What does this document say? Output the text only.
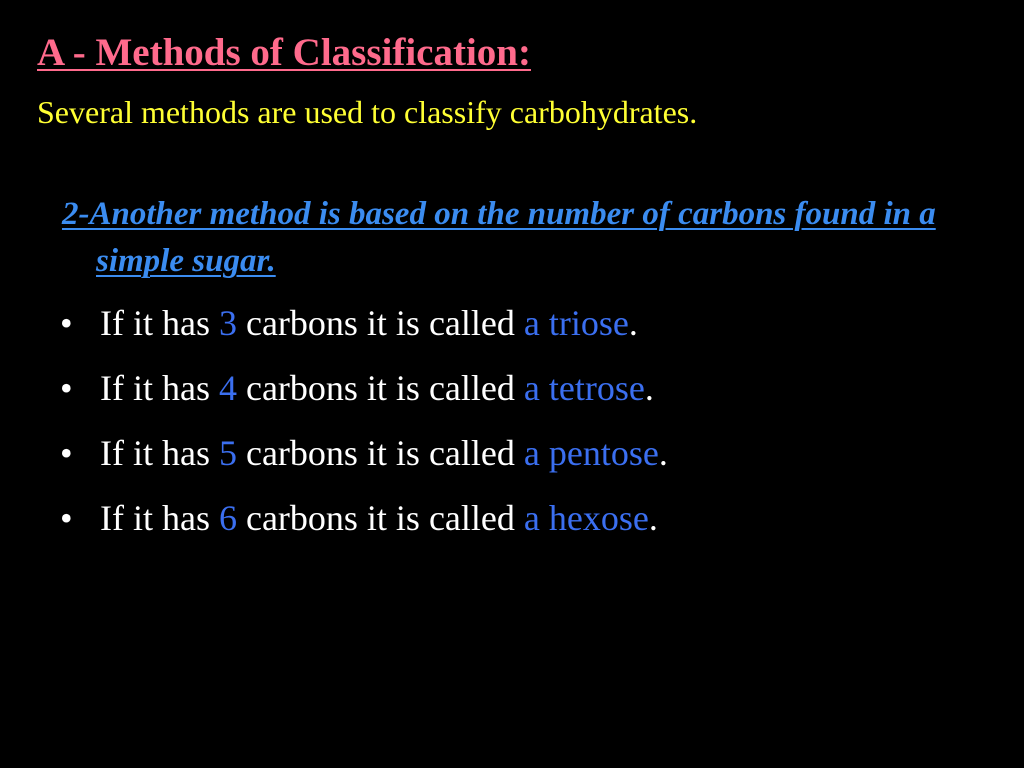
A - Methods of Classification:
Several methods are used to classify carbohydrates.
2-Another method is based on the number of carbons found in a simple sugar.
• If it has 3 carbons it is called a triose.
• If it has 4 carbons it is called a tetrose.
• If it has 5 carbons it is called a pentose.
• If it has 6 carbons it is called a hexose.
